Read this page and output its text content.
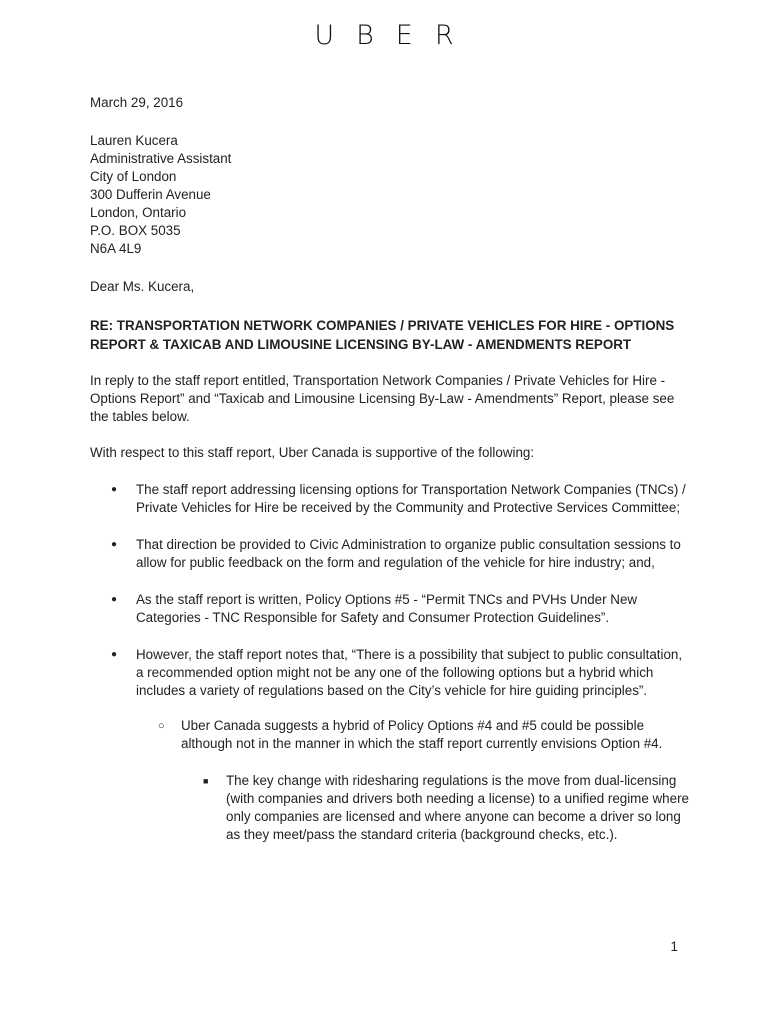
UBER

March 29, 2016

Lauren Kucera
Administrative Assistant
City of London
300 Dufferin Avenue
London, Ontario
P.O. BOX 5035
N6A 4L9

Dear Ms. Kucera,

RE: TRANSPORTATION NETWORK COMPANIES / PRIVATE VEHICLES FOR HIRE - OPTIONS REPORT & TAXICAB AND LIMOUSINE LICENSING BY-LAW - AMENDMENTS REPORT

In reply to the staff report entitled, Transportation Network Companies / Private Vehicles for Hire - Options Report” and “Taxicab and Limousine Licensing By-Law - Amendments” Report, please see the tables below.

With respect to this staff report, Uber Canada is supportive of the following:

● The staff report addressing licensing options for Transportation Network Companies (TNCs) / Private Vehicles for Hire be received by the Community and Protective Services Committee;
● That direction be provided to Civic Administration to organize public consultation sessions to allow for public feedback on the form and regulation of the vehicle for hire industry; and,
● As the staff report is written, Policy Options #5 - “Permit TNCs and PVHs Under New Categories - TNC Responsible for Safety and Consumer Protection Guidelines”.
● However, the staff report notes that, “There is a possibility that subject to public consultation, a recommended option might not be any one of the following options but a hybrid which includes a variety of regulations based on the City’s vehicle for hire guiding principles”.
○ Uber Canada suggests a hybrid of Policy Options #4 and #5 could be possible although not in the manner in which the staff report currently envisions Option #4.
■ The key change with ridesharing regulations is the move from dual-licensing (with companies and drivers both needing a license) to a unified regime where only companies are licensed and where anyone can become a driver so long as they meet/pass the standard criteria (background checks, etc.).
1
